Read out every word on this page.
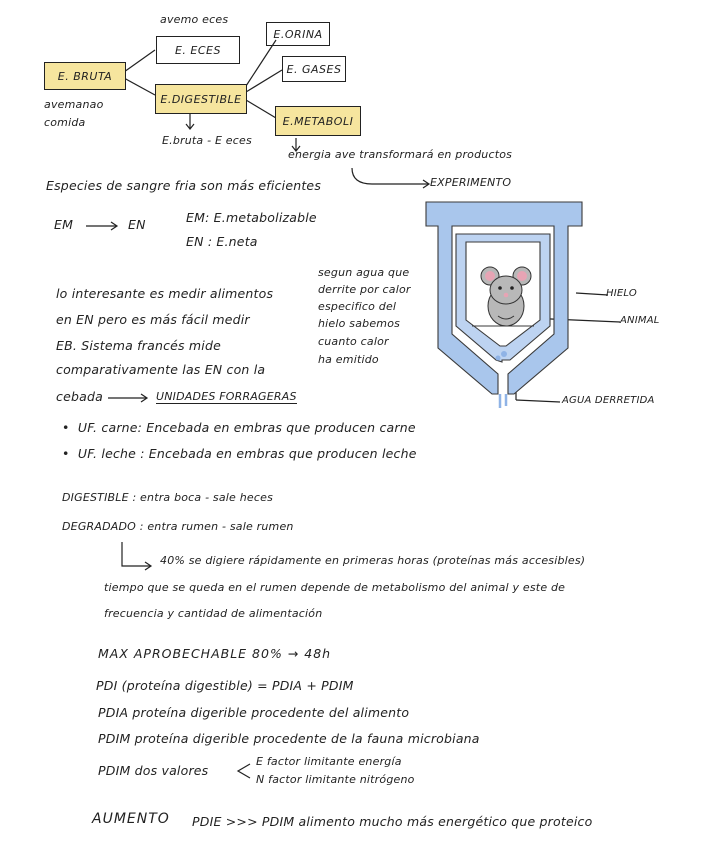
avemo eces
E. ECES
E. BRUTA
avemanao
comida
E.DIGESTIBLE
E.bruta - E eces
E.ORINA
E. GASES
E.METABOLI
energia ave transformará en productos
Especies de sangre fria son más eficientes	EXPERIMENTO
EM	EN	EM: E.metabolizable
EN : E.neta
lo interesante es medir alimentos
en EN pero es más fácil medir
EB. Sistema francés mide
comparativamente las EN con la
cebada	UNIDADES FORRAGERAS
segun agua que
derrite por calor
especifico del
hielo sabemos
cuanto calor
ha emitido
HIELO
ANIMAL
AGUA DERRETIDA
•  UF. carne: Encebada en embras que producen carne
•  UF. leche : Encebada en embras que producen leche
DIGESTIBLE : entra boca - sale heces
DEGRADADO : entra rumen - sale rumen
40% se digiere rápidamente en primeras horas (proteínas más accesibles)
tiempo que se queda en el rumen depende de metabolismo del animal y este de
frecuencia y cantidad de alimentación
MAX APROBECHABLE 80% → 48h
PDI (proteína digestible) = PDIA + PDIM
PDIA proteína digerible procedente del alimento
PDIM proteína digerible procedente de la fauna microbiana
PDIM dos valores
E factor limitante energía
N factor limitante nitrógeno
AUMENTO PDIE >>> PDIM alimento mucho más energético que proteico
